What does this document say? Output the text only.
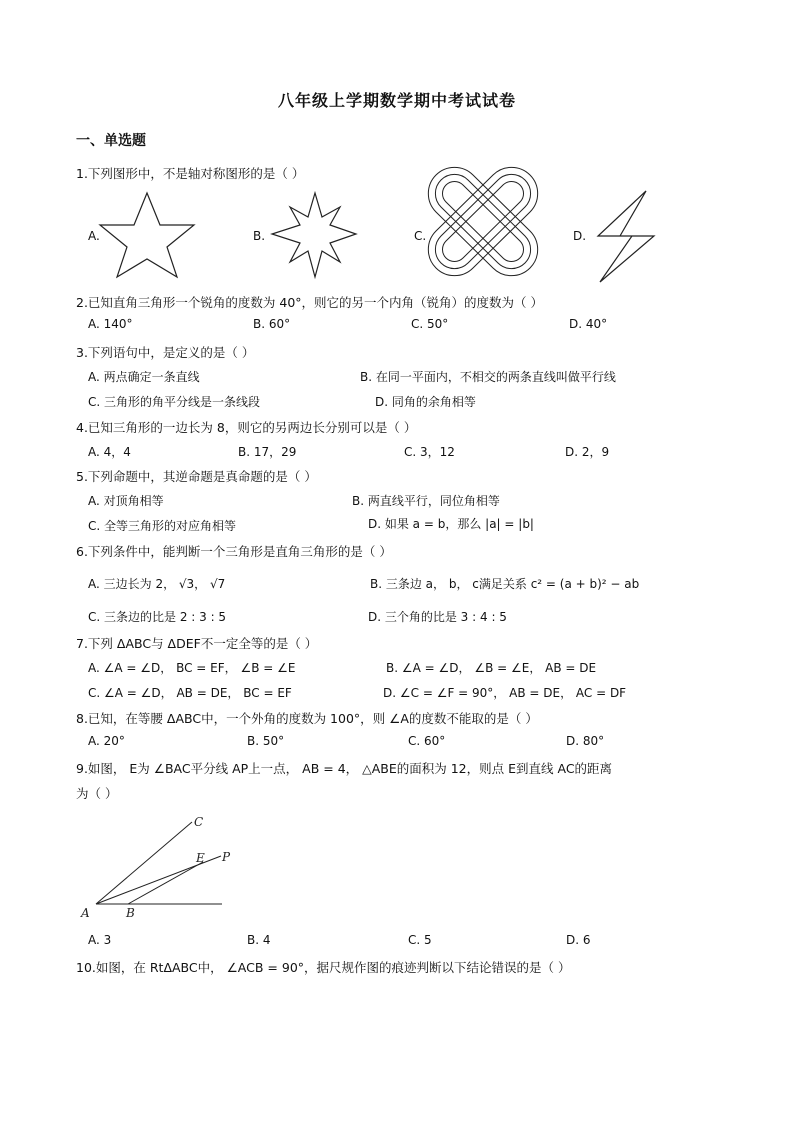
八年级上学期数学期中考试试卷
一、单选题
1.下列图形中，不是轴对称图形的是（ ）
A.	B.	C.	D.
2.已知直角三角形一个锐角的度数为 40°，则它的另一个内角（锐角）的度数为（ ）
A. 140°	B. 60°	C. 50°	D. 40°
3.下列语句中，是定义的是（ ）
A. 两点确定一条直线	B. 在同一平面内，不相交的两条直线叫做平行线
C. 三角形的角平分线是一条线段	D. 同角的余角相等
4.已知三角形的一边长为 8，则它的另两边长分别可以是（ ）
A. 4，4	B. 17，29	C. 3，12	D. 2，9
5.下列命题中，其逆命题是真命题的是（ ）
A. 对顶角相等	B. 两直线平行，同位角相等
C. 全等三角形的对应角相等	D. 如果 a = b，那么 |a| = |b|
6.下列条件中，能判断一个三角形是直角三角形的是（ ）
A. 三边长为 2， √3， √7	B. 三条边 a， b， c满足关系 c² = (a + b)² − ab
C. 三条边的比是 2 : 3 : 5	D. 三个角的比是 3 : 4 : 5
7.下列 ΔABC与 ΔDEF不一定全等的是（ ）
A. ∠A = ∠D， BC = EF， ∠B = ∠E	B. ∠A = ∠D， ∠B = ∠E， AB = DE
C. ∠A = ∠D， AB = DE， BC = EF	D. ∠C = ∠F = 90°， AB = DE， AC = DF
8.已知，在等腰 ΔABC中，一个外角的度数为 100°，则 ∠A的度数不能取的是（ ）
A. 20°	B. 50°	C. 60°	D. 80°
9.如图， E为 ∠BAC平分线 AP上一点， AB = 4， △ABE的面积为 12，则点 E到直线 AC的距离
为（ ）
C
E P
A	B
A. 3	B. 4	C. 5	D. 6
10.如图，在 RtΔABC中， ∠ACB = 90°，据尺规作图的痕迹判断以下结论错误的是（ ）
